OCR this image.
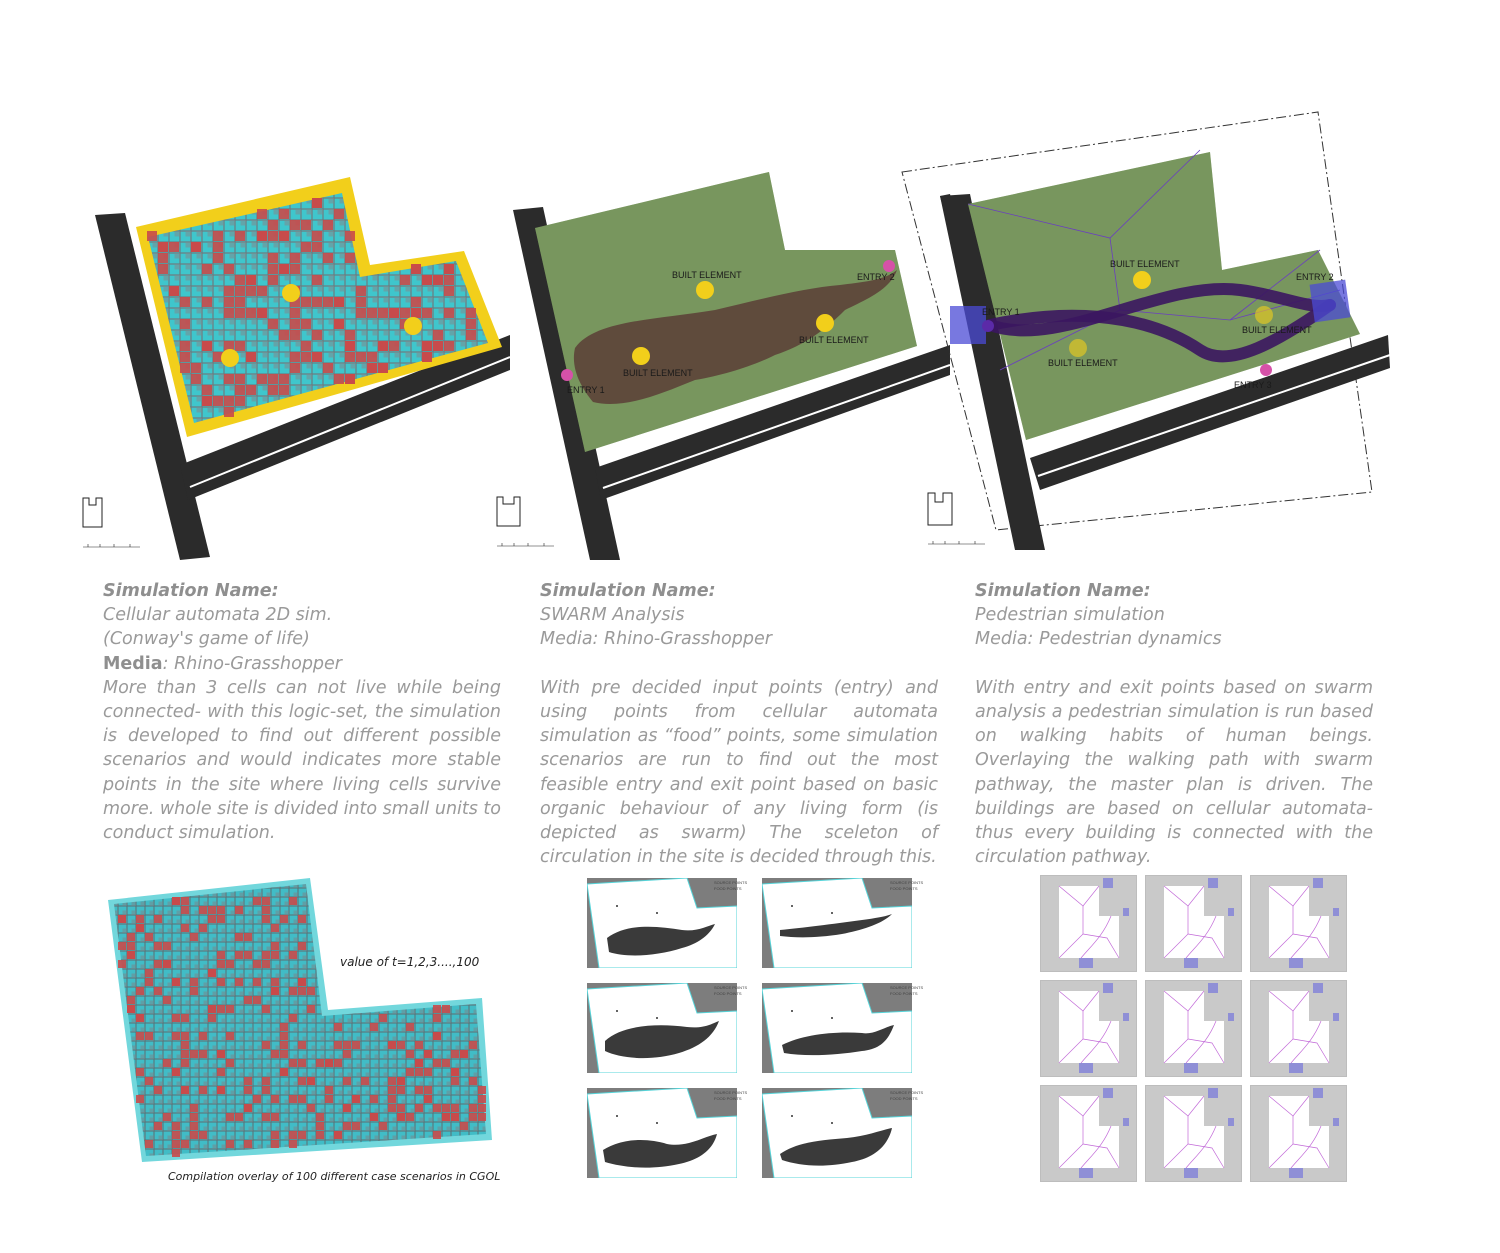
BUILT ELEMENT
BUILT ELEMENT
BUILT ELEMENT
ENTRY 1
ENTRY 2
BUILT ELEMENT
BUILT ELEMENT
BUILT ELEMENT
ENTRY 1
ENTRY 2
ENTRY 3
Simulation Name:
Cellular automata 2D sim.
(Conway's game of life)
Media: Rhino-Grasshopper
More than 3 cells can not live while being connected- with this logic-set, the simulation is developed to find out different possible scenarios and would indicates more stable points in the site where living cells survive more. whole site is divided into small units to conduct simulation.
Simulation Name:
SWARM Analysis
Media: Rhino-Grasshopper

With pre decided input points (entry) and using points from cellular automata simulation as “food” points, some simulation scenarios are run to find out the most feasible entry and exit point based on basic organic behaviour of any living form (is depicted as swarm) The sceleton of circulation in the site is decided through this.
Simulation Name:
Pedestrian simulation
Media: Pedestrian dynamics

With entry and exit points based on swarm analysis a pedestrian simulation is run based on walking habits of human beings. Overlaying the walking path with swarm pathway, the master plan is driven. The buildings are based on cellular automata-thus every building is connected with the circulation pathway.
value of t=1,2,3....,100
Compilation overlay of 100 different case scenarios in CGOL
SOURCE POINTS
FOOD POINTS
SOURCE POINTS
FOOD POINTS
SOURCE POINTS
FOOD POINTS
SOURCE POINTS
FOOD POINTS
SOURCE POINTS
FOOD POINTS
SOURCE POINTS
FOOD POINTS
